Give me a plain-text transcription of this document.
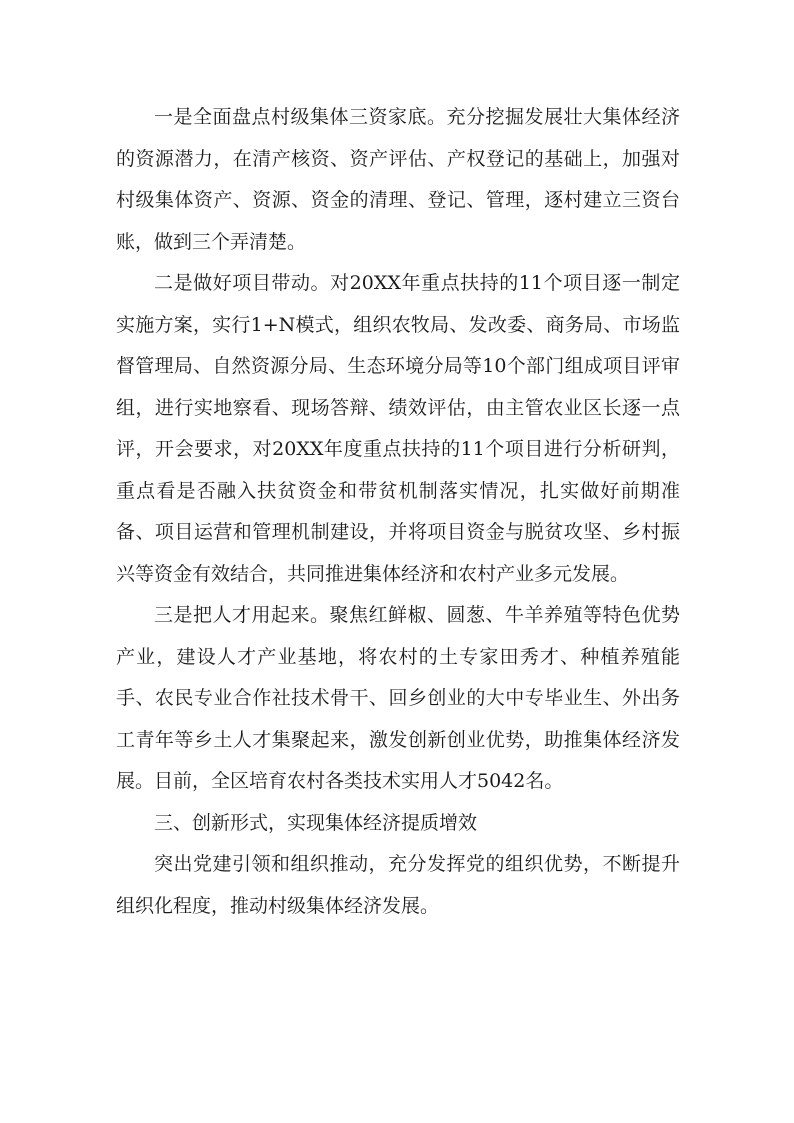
一是全面盘点村级集体三资家底。充分挖掘发展壮大集体经济的资源潜力，在清产核资、资产评估、产权登记的基础上，加强对村级集体资产、资源、资金的清理、登记、管理，逐村建立三资台账，做到三个弄清楚。

二是做好项目带动。对20XX年重点扶持的11个项目逐一制定实施方案，实行1+N模式，组织农牧局、发改委、商务局、市场监督管理局、自然资源分局、生态环境分局等10个部门组成项目评审组，进行实地察看、现场答辩、绩效评估，由主管农业区长逐一点评，开会要求，对20XX年度重点扶持的11个项目进行分析研判，重点看是否融入扶贫资金和带贫机制落实情况，扎实做好前期准备、项目运营和管理机制建设，并将项目资金与脱贫攻坚、乡村振兴等资金有效结合，共同推进集体经济和农村产业多元发展。

三是把人才用起来。聚焦红鲜椒、圆葱、牛羊养殖等特色优势产业，建设人才产业基地，将农村的土专家田秀才、种植养殖能手、农民专业合作社技术骨干、回乡创业的大中专毕业生、外出务工青年等乡土人才集聚起来，激发创新创业优势，助推集体经济发展。目前，全区培育农村各类技术实用人才5042名。

三、创新形式，实现集体经济提质增效

突出党建引领和组织推动，充分发挥党的组织优势，不断提升组织化程度，推动村级集体经济发展。
